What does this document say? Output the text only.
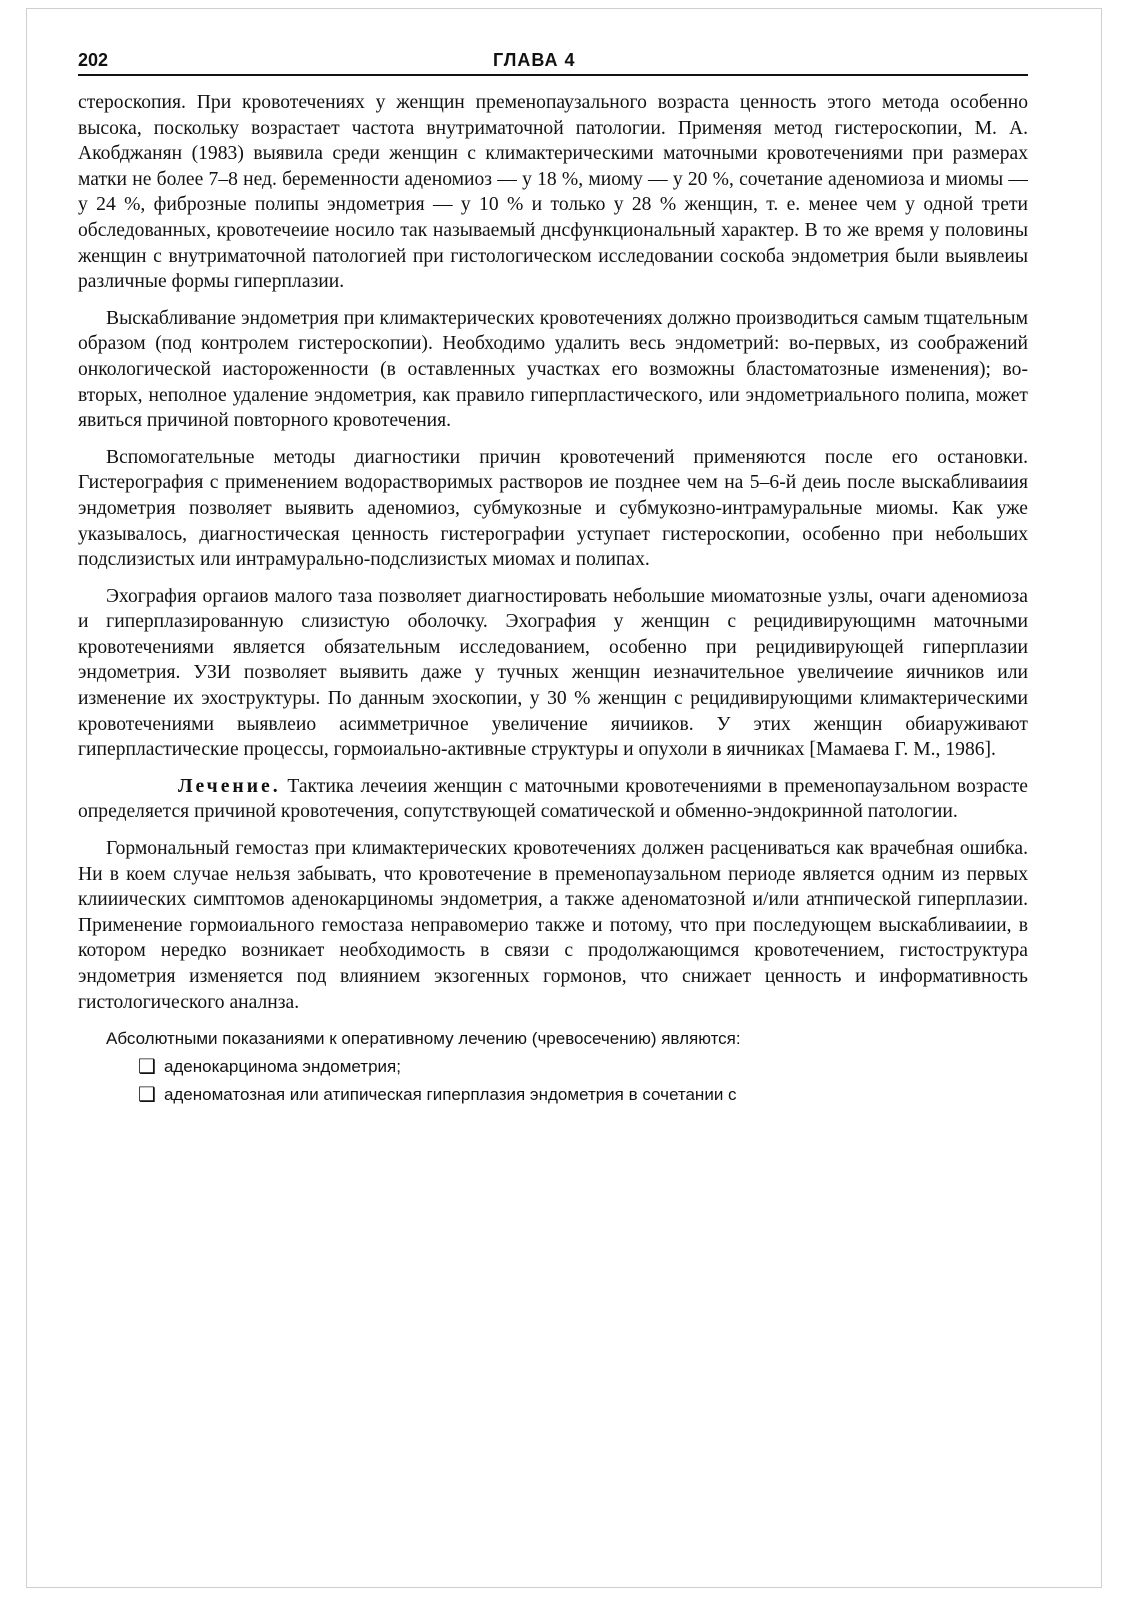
202	ГЛАВА 4

стероскопия. При кровотечениях у женщин пременопаузального возраста ценность этого метода особенно высока, поскольку возрастает частота внутриматочной патологии. Применяя метод гистероскопии, М. А. Акобджанян (1983) выявила среди женщин с климактерическими маточными кровотечениями при размерах матки не более 7–8 нед. беременности аденомиоз — у 18 %, миому — у 20 %, сочетание аденомиоза и миомы — у 24 %, фиброзные полипы эндометрия — у 10 % и только у 28 % женщин, т. е. менее чем у одной трети обследованных, кровотечеиие носило так называемый днсфункциональный характер. В то же время у половины женщин с внутриматочной патологией при гистологическом исследовании соскоба эндометрия были выявлеиы различные формы гиперплазии.

Выскабливание эндометрия при климактерических кровотечениях должно производиться самым тщательным образом (под контролем гистероскопии). Необходимо удалить весь эндометрий: во-первых, из соображений онкологической иастороженности (в оставленных участках его возможны бластоматозные изменения); во-вторых, неполное удаление эндометрия, как правило гиперпластического, или эндометриального полипа, может явиться причиной повторного кровотечения.

Вспомогательные методы диагностики причин кровотечений применяются после его остановки. Гистерография с применением водорастворимых растворов ие позднее чем на 5–6-й деиь после выскабливаиия эндометрия позволяет выявить аденомиоз, субмукозные и субмукозно-интрамуральные миомы. Как уже указывалось, диагностическая ценность гистерографии уступает гистероскопии, особенно при небольших подслизистых или интрамурально-подслизистых миомах и полипах.

Эхография оргаиов малого таза позволяет диагностировать небольшие миоматозные узлы, очаги аденомиоза и гиперплазированную слизистую оболочку. Эхография у женщин с рецидивирующимн маточными кровотечениями является обязательным исследованием, особенно при рецидивирующей гиперплазии эндометрия. УЗИ позволяет выявить даже у тучных женщин иезначительное увеличеиие яичников или изменение их эхоструктуры. По данным эхоскопии, у 30 % женщин с рецидивирующими климактерическими кровотечениями выявлеио асимметричное увеличение яичииков. У этих женщин обиаруживают гиперпластические процессы, гормоиально-активные структуры и опухоли в яичниках [Мамаева Г. М., 1986].

Лечение. Тактика лечеиия женщин с маточными кровотечениями в пременопаузальном возрасте определяется причиной кровотечения, сопутствующей соматической и обменно-эндокринной патологии.

Гормональный гемостаз при климактерических кровотечениях должен расцениваться как врачебная ошибка. Ни в коем случае нельзя забывать, что кровотечение в пременопаузальном периоде является одним из первых клииических симптомов аденокарциномы эндометрия, а также аденоматозной и/или атнпической гиперплазии. Применение гормоиального гемостаза неправомерио также и потому, что при последующем выскабливаиии, в котором нередко возникает необходимость в связи с продолжающимся кровотечением, гистоструктура эндометрия изменяется под влиянием экзогенных гормонов, что снижает ценность и информативность гистологического аналнза.

Абсолютными показаниями к оперативному лечению (чревосечению) являются:
❑ аденокарцинома эндометрия;
❑ аденоматозная или атипическая гиперплазия эндометрия в сочетании с
